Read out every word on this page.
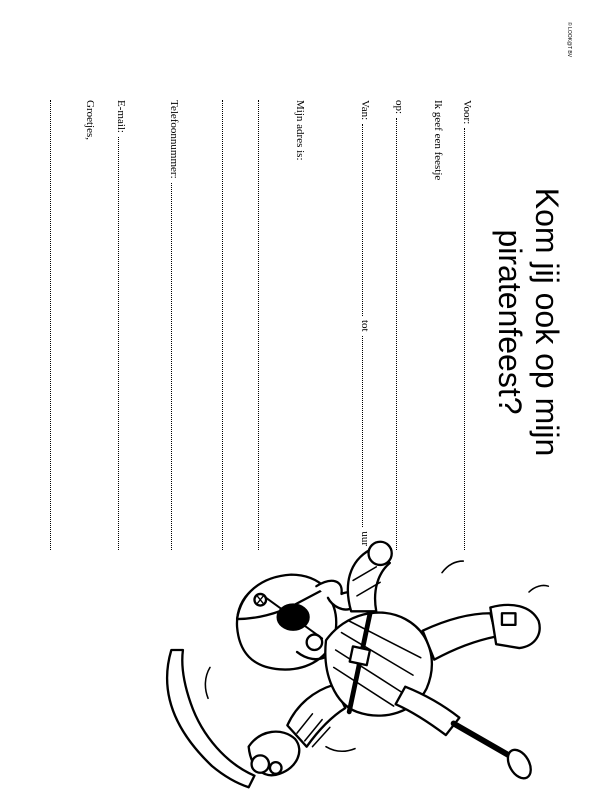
© LOOK@T BV
Kom jij ook op mijn
piratenfeest?
Voor:
Ik geef een feestje
op:
Van:
tot
uur
Mijn adres is:
Telefoonnummer:
E-mail:
Groetjes,
